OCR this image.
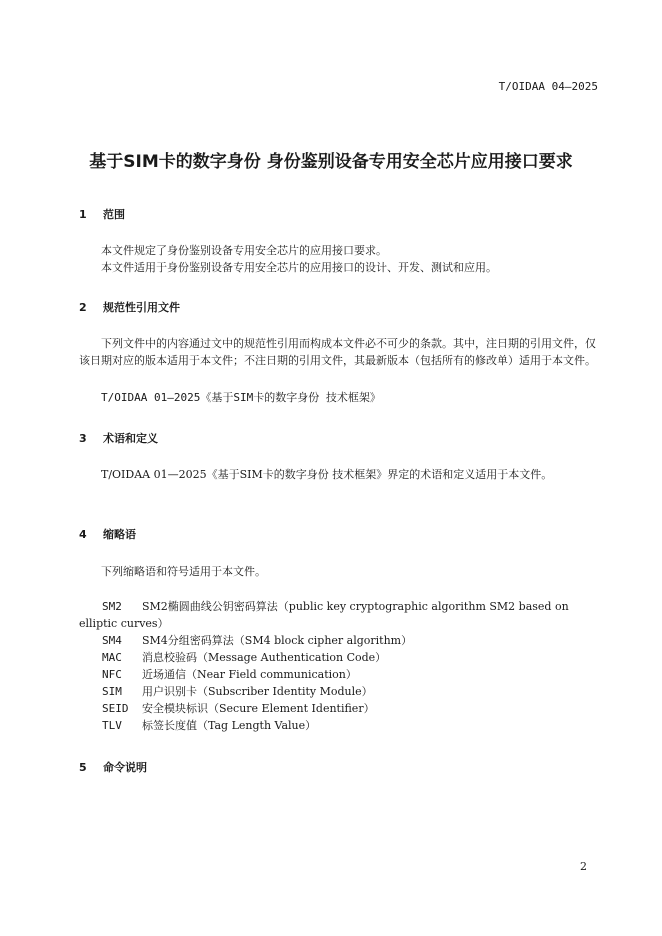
T/OIDAA 04—2025
基于SIM卡的数字身份 身份鉴别设备专用安全芯片应用接口要求
1 范围
本文件规定了身份鉴别设备专用安全芯片的应用接口要求。
本文件适用于身份鉴别设备专用安全芯片的应用接口的设计、开发、测试和应用。
2 规范性引用文件
下列文件中的内容通过文中的规范性引用而构成本文件必不可少的条款。其中，注日期的引用文件，仅该日期对应的版本适用于本文件；不注日期的引用文件，其最新版本（包括所有的修改单）适用于本文件。
T/OIDAA 01—2025《基于SIM卡的数字身份 技术框架》
3 术语和定义
T/OIDAA 01—2025《基于SIM卡的数字身份 技术框架》界定的术语和定义适用于本文件。
4 缩略语
下列缩略语和符号适用于本文件。
SM2 SM2椭圆曲线公钥密码算法（public key cryptographic algorithm SM2 based on elliptic curves）
SM4 SM4分组密码算法（SM4 block cipher algorithm）
MAC 消息校验码（Message Authentication Code）
NFC 近场通信（Near Field communication）
SIM 用户识别卡（Subscriber Identity Module）
SEID 安全模块标识（Secure Element Identifier）
TLV 标签长度值（Tag Length Value）
5 命令说明
2
